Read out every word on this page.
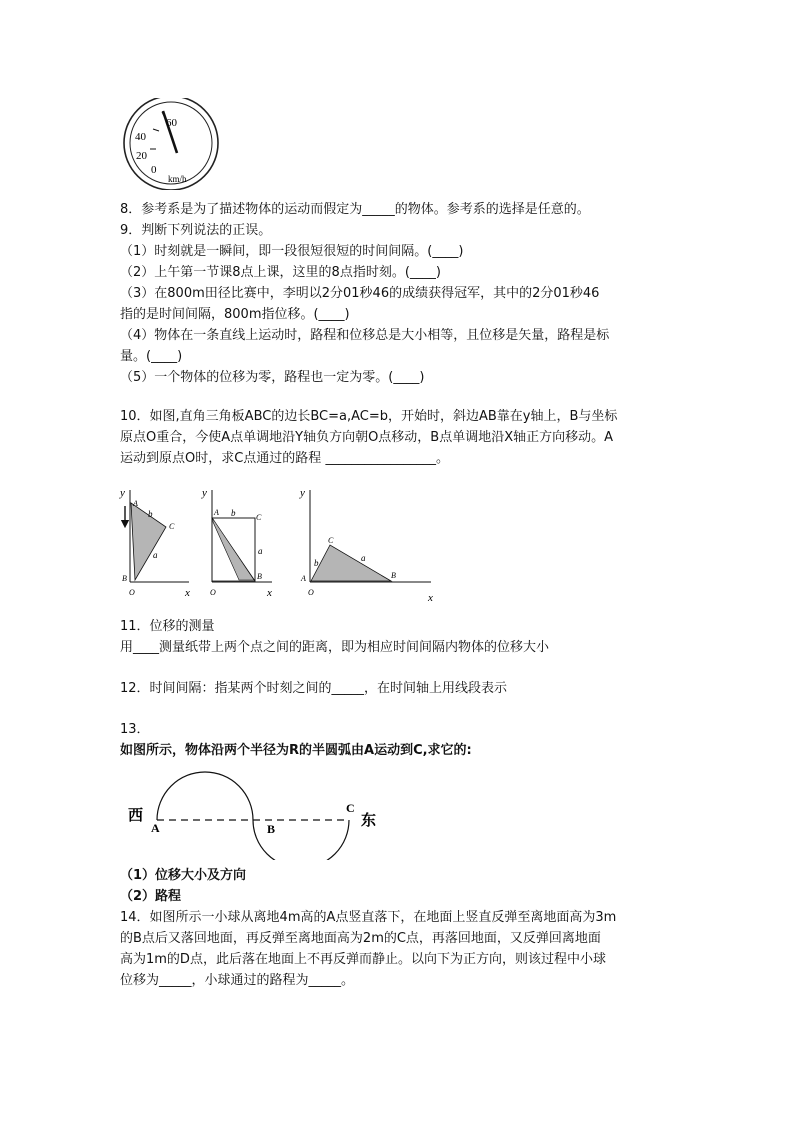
60
40
20
0
km/h
8．参考系是为了描述物体的运动而假定为_____的物体。参考系的选择是任意的。
9．判断下列说法的正误。
（1）时刻就是一瞬间，即一段很短很短的时间间隔。(____)
（2）上午第一节课8点上课，这里的8点指时刻。(____)
（3）在800m田径比赛中，李明以2分01秒46的成绩获得冠军，其中的2分01秒46
指的是时间间隔，800m指位移。(____)
（4）物体在一条直线上运动时，路程和位移总是大小相等，且位移是矢量，路程是标
量。(____)
（5）一个物体的位移为零，路程也一定为零。(____)
10．如图,直角三角板ABC的边长BC=a,AC=b，开始时，斜边AB靠在y轴上，B与坐标
原点O重合，今使A点单调地沿Y轴负方向朝O点移动，B点单调地沿X轴正方向移动。A
运动到原点O时，求C点通过的路程 _________________。
y
A
b
C
a
B
O	x
y
A b	C
a
B
O	x
y
C
b	a
A	B
O	x
11．位移的测量
用____测量纸带上两个点之间的距离，即为相应时间间隔内物体的位移大小
12．时间间隔：指某两个时刻之间的_____，在时间轴上用线段表示
13．
如图所示，物体沿两个半径为R的半圆弧由A运动到C,求它的:
西	东
A	B
C
（1）位移大小及方向
（2）路程
14．如图所示一小球从离地4m高的A点竖直落下，在地面上竖直反弹至离地面高为3m
的B点后又落回地面，再反弹至离地面高为2m的C点，再落回地面，又反弹回离地面
高为1m的D点，此后落在地面上不再反弹而静止。以向下为正方向，则该过程中小球
位移为_____，小球通过的路程为_____。
